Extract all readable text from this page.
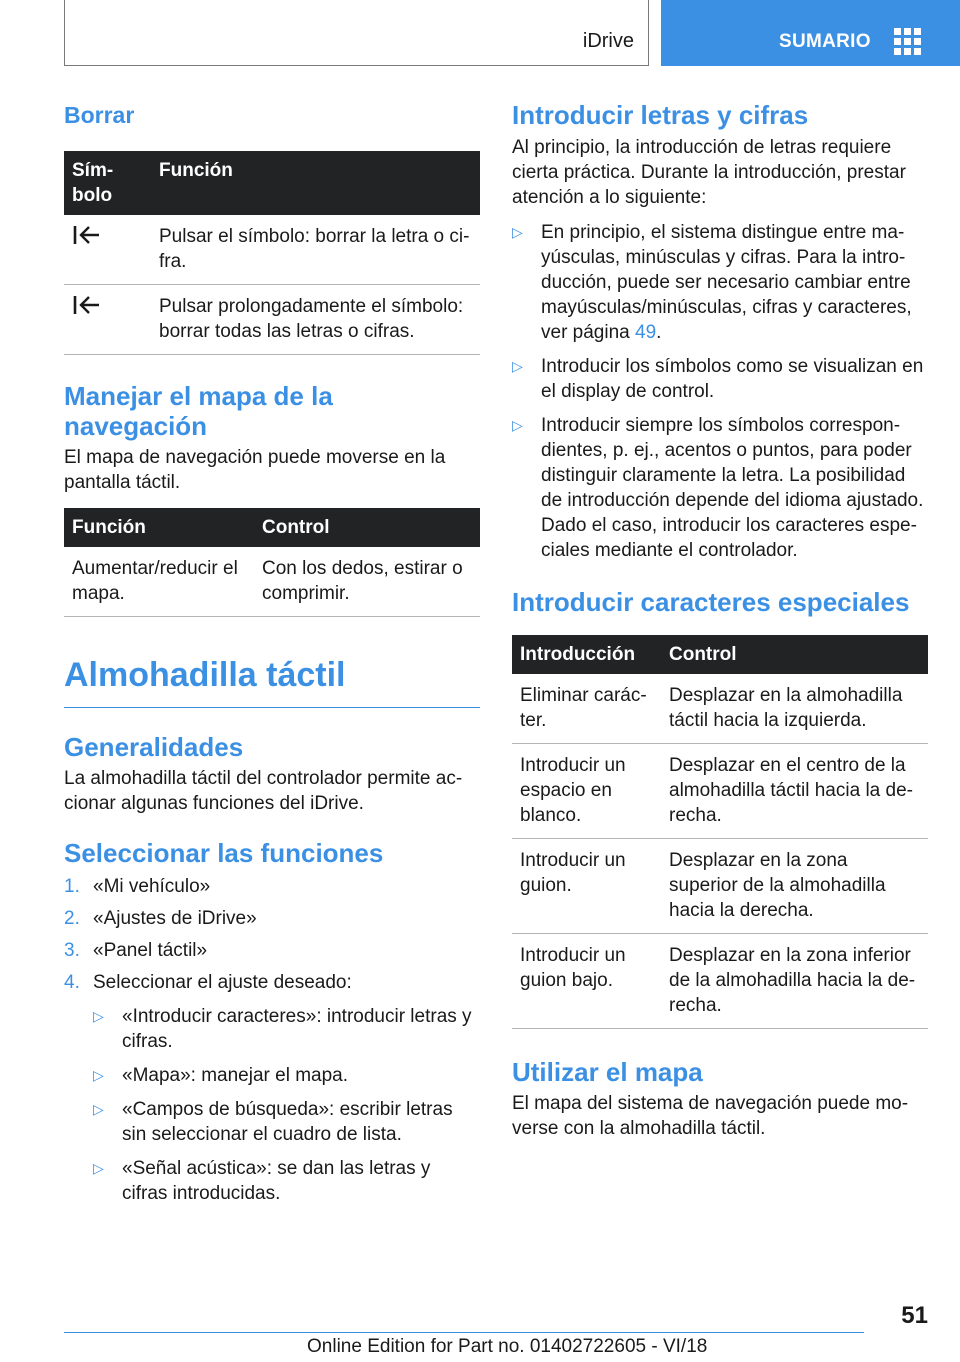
iDrive	SUMARIO
Borrar
Símbolo	Función
	Pulsar el símbolo: borrar la letra o cifra.
	Pulsar prolongadamente el símbolo: borrar todas las letras o cifras.
Manejar el mapa de la navegación

El mapa de navegación puede moverse en la pantalla táctil.

Función	Control
Aumentar/reducir el mapa.	Con los dedos, estirar o comprimir.
Almohadilla táctil
Generalidades

La almohadilla táctil del controlador permite accionar algunas funciones del iDrive.

Seleccionar las funciones
1. «Mi vehículo»
2. «Ajustes de iDrive»
3. «Panel táctil»
4. Seleccionar el ajuste deseado:
▷ «Introducir caracteres»: introducir letras y cifras.
▷ «Mapa»: manejar el mapa.
▷ «Campos de búsqueda»: escribir letras sin seleccionar el cuadro de lista.
▷ «Señal acústica»: se dan las letras y cifras introducidas.
Introducir letras y cifras

Al principio, la introducción de letras requiere cierta práctica. Durante la introducción, prestar atención a lo siguiente:

▷ En principio, el sistema distingue entre mayúsculas, minúsculas y cifras. Para la introducción, puede ser necesario cambiar entre mayúsculas/minúsculas, cifras y caracteres, ver página 49.
▷ Introducir los símbolos como se visualizan en el display de control.
▷ Introducir siempre los símbolos correspondientes, p. ej., acentos o puntos, para poder distinguir claramente la letra. La posibilidad de introducción depende del idioma ajustado. Dado el caso, introducir los caracteres especiales mediante el controlador.
Introducir caracteres especiales
Introducción	Control
Eliminar carácter.	Desplazar en la almohadilla táctil hacia la izquierda.
Introducir un espacio en blanco.	Desplazar en el centro de la almohadilla táctil hacia la derecha.
Introducir un guion.	Desplazar en la zona superior de la almohadilla hacia la derecha.
Introducir un guion bajo.	Desplazar en la zona inferior de la almohadilla hacia la derecha.
Utilizar el mapa

El mapa del sistema de navegación puede moverse con la almohadilla táctil.

51
Online Edition for Part no. 01402722605 - VI/18
